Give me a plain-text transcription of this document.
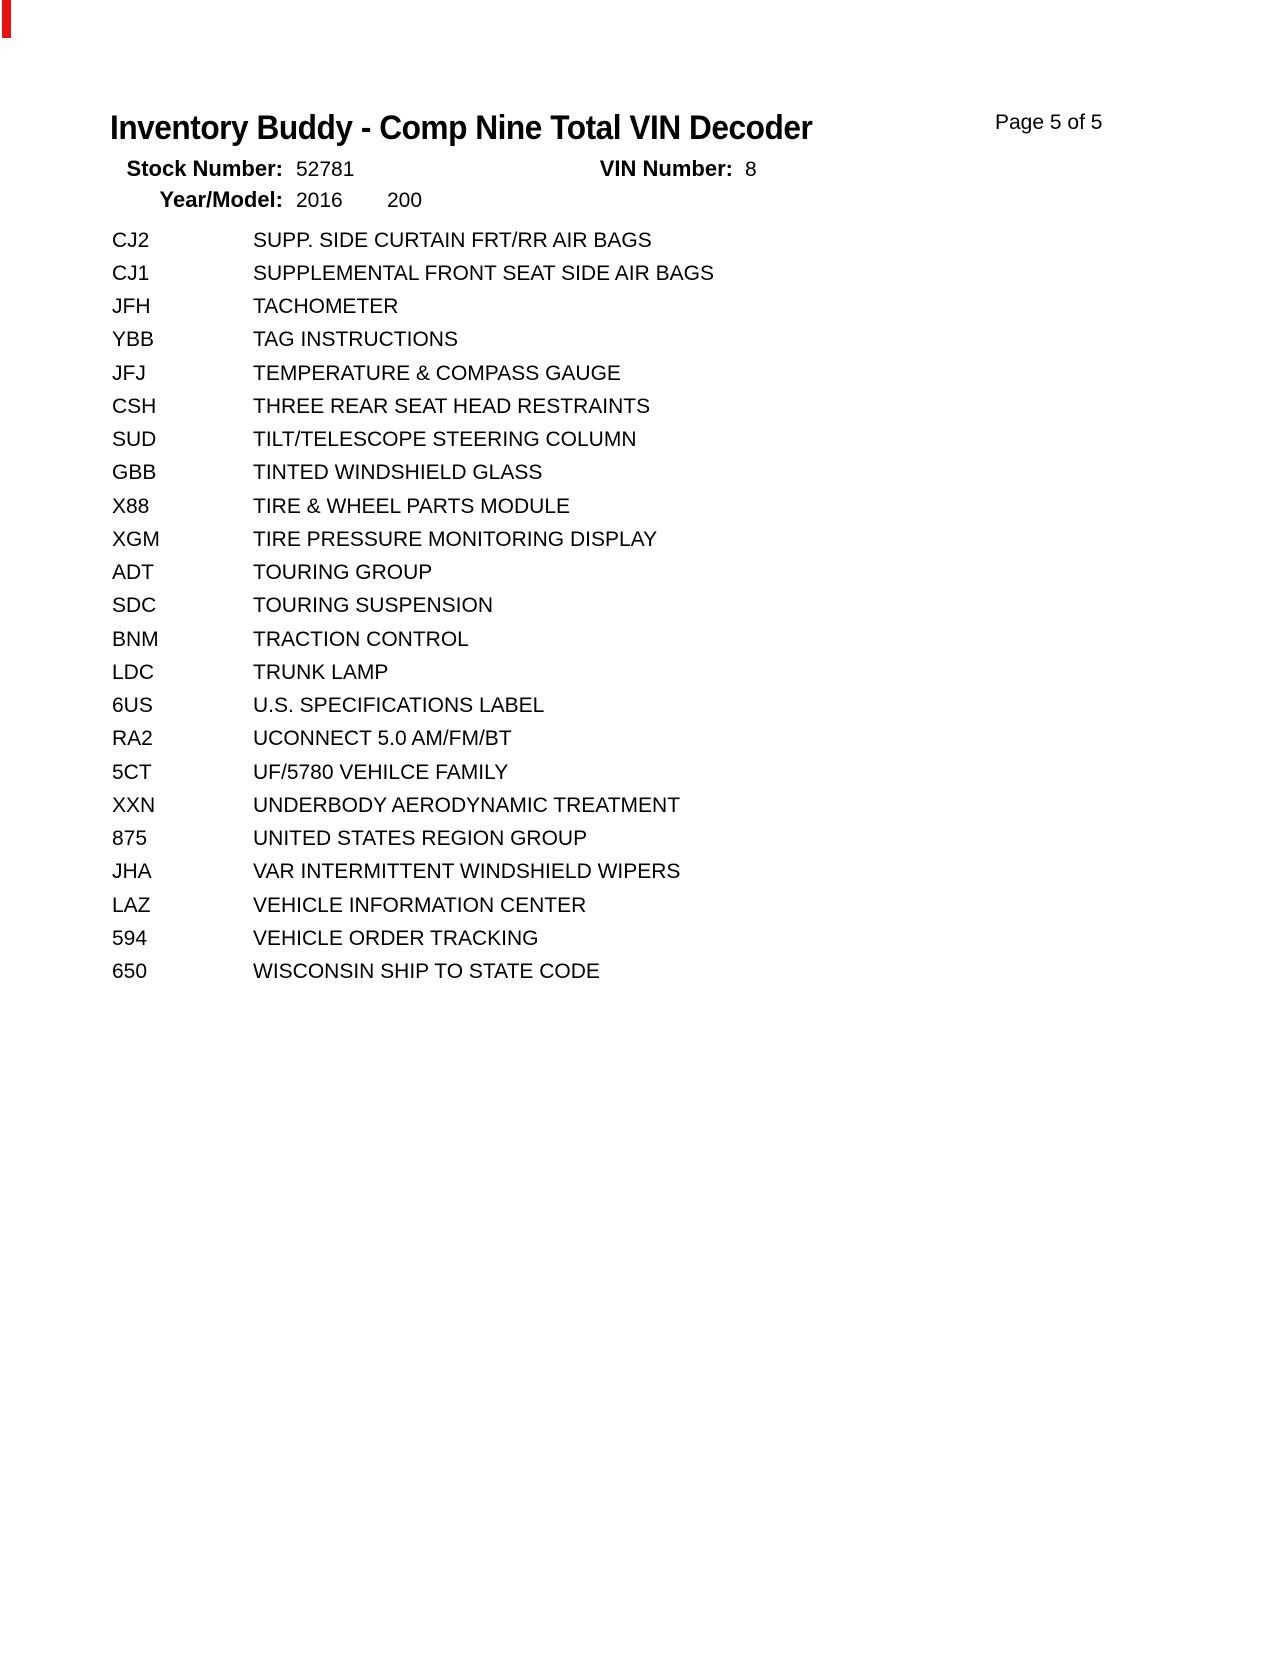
Inventory Buddy - Comp Nine Total VIN Decoder	Page 5 of 5
Stock Number: 52781	VIN Number: 8
Year/Model: 2016 200
CJ2	SUPP. SIDE CURTAIN FRT/RR AIR BAGS
CJ1	SUPPLEMENTAL FRONT SEAT SIDE AIR BAGS
JFH	TACHOMETER
YBB	TAG INSTRUCTIONS
JFJ	TEMPERATURE & COMPASS GAUGE
CSH	THREE REAR SEAT HEAD RESTRAINTS
SUD	TILT/TELESCOPE STEERING COLUMN
GBB	TINTED WINDSHIELD GLASS
X88	TIRE & WHEEL PARTS MODULE
XGM	TIRE PRESSURE MONITORING DISPLAY
ADT	TOURING GROUP
SDC	TOURING SUSPENSION
BNM	TRACTION CONTROL
LDC	TRUNK LAMP
6US	U.S. SPECIFICATIONS LABEL
RA2	UCONNECT 5.0 AM/FM/BT
5CT	UF/5780 VEHILCE FAMILY
XXN	UNDERBODY AERODYNAMIC TREATMENT
875	UNITED STATES REGION GROUP
JHA	VAR INTERMITTENT WINDSHIELD WIPERS
LAZ	VEHICLE INFORMATION CENTER
594	VEHICLE ORDER TRACKING
650	WISCONSIN SHIP TO STATE CODE
